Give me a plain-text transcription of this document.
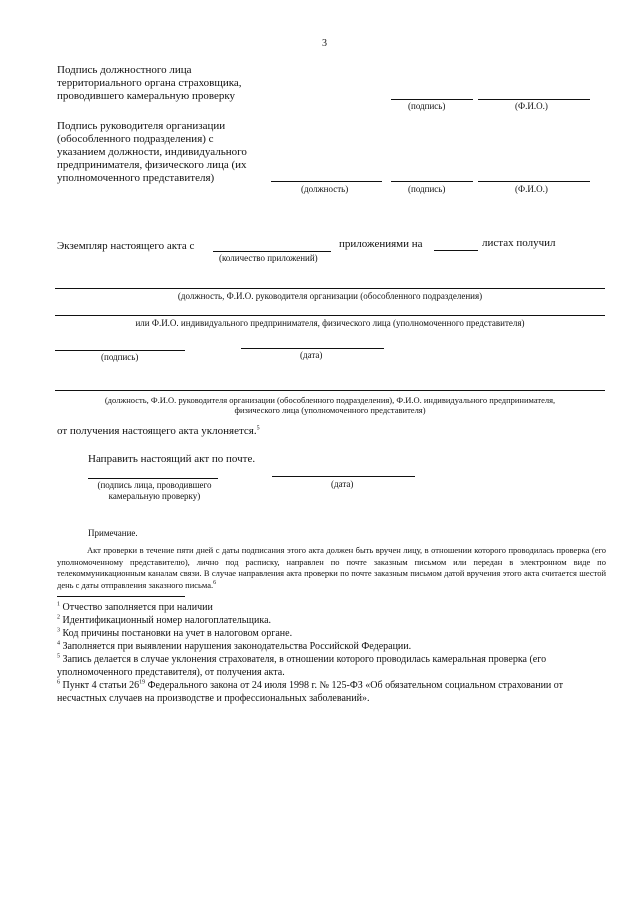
3
Подпись должностного лица
территориального органа страховщика,
проводившего камеральную проверку
(подпись)	(Ф.И.О.)
Подпись руководителя организации
(обособленного подразделения) с
указанием должности, индивидуального
предпринимателя, физического лица (их
уполномоченного представителя)
(должность)	(подпись)	(Ф.И.О.)
Экземпляр настоящего акта с	приложениями на	листах получил
(количество приложений)
(должность, Ф.И.О. руководителя организации (обособленного подразделения)
или Ф.И.О. индивидуального предпринимателя, физического лица (уполномоченного представителя)
(подпись)	(дата)
(должность, Ф.И.О. руководителя организации (обособленного подразделения), Ф.И.О. индивидуального предпринимателя,
физического лица (уполномоченного представителя)
от получения настоящего акта уклоняется.$^5$
Направить настоящий акт по почте.
(подпись лица, проводившего
камеральную проверку)
(дата)
Примечание.
Акт проверки в течение пяти дней с даты подписания этого акта должен быть вручен лицу, в отношении которого проводилась проверка (его уполномоченному представителю), лично под расписку, направлен по почте заказным письмом или передан в электронном виде по телекоммуникационным каналам связи. В случае направления акта проверки по почте заказным письмом датой вручения этого акта считается шестой день с даты отправления заказного письма.$^6$
$^1$ Отчество заполняется при наличии
$^2$ Идентификационный номер налогоплательщика.
$^3$ Код причины постановки на учет в налоговом органе.
$^4$ Заполняется при выявлении нарушения законодательства Российской Федерации.
$^5$ Запись делается в случае уклонения страхователя, в отношении которого проводилась камеральная проверка (его уполномоченного представителя), от получения акта.
$^6$ Пункт 4 статьи $26^{19}$ Федерального закона от 24 июля 1998 г. № 125-ФЗ «Об обязательном социальном страховании от несчастных случаев на производстве и профессиональных заболеваний».
